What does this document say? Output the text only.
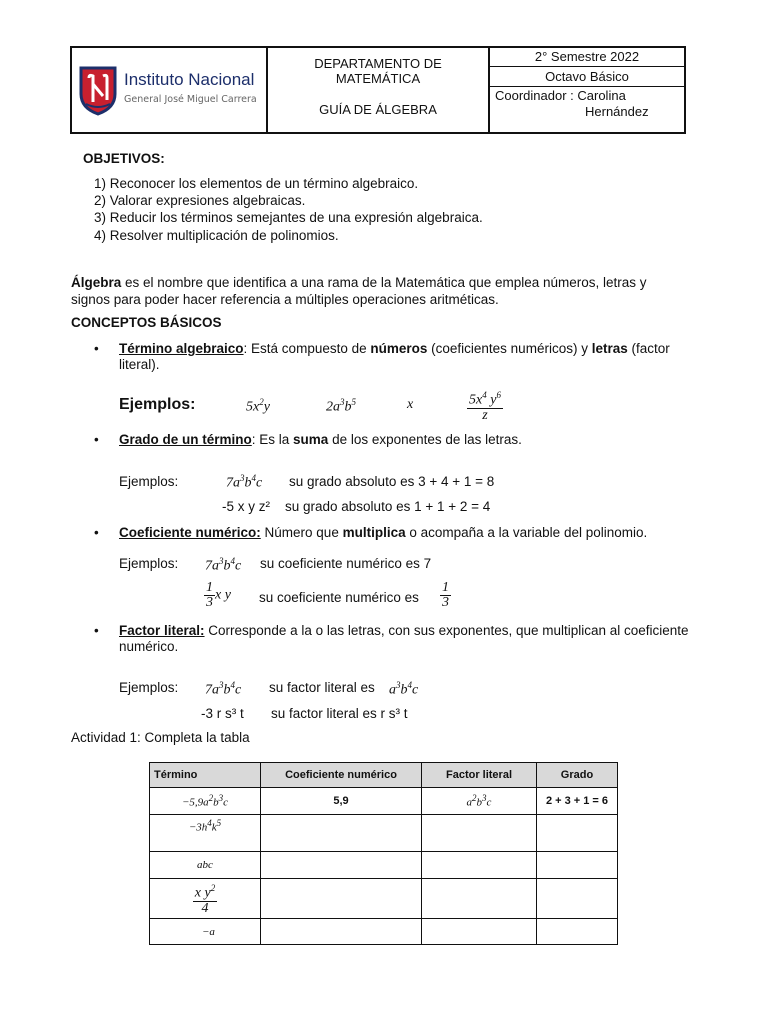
Instituto Nacional
General José Miguel Carrera
DEPARTAMENTO DE
MATEMÁTICA
GUÍA DE ÁLGEBRA
2° Semestre 2022
Octavo Básico
Coordinador : Carolina
Hernández
OBJETIVOS:
1) Reconocer los elementos de un término algebraico.
2) Valorar expresiones algebraicas.
3) Reducir los términos semejantes de una expresión algebraica.
4) Resolver multiplicación de polinomios.
Álgebra es el nombre que identifica a una rama de la Matemática que emplea números, letras y signos para poder hacer referencia a múltiples operaciones aritméticas.
CONCEPTOS BÁSICOS
• Término algebraico: Está compuesto de números (coeficientes numéricos) y letras (factor literal).
Ejemplos:	$5x^2y$	$2a^3b^5$	x	$\frac{5x^4 y^6}{z}$
• Grado de un término: Es la suma de los exponentes de las letras.
Ejemplos:	$7a^3b^4c$ su grado absoluto es 3 + 4 + 1 = 8
-5 x y z² su grado absoluto es 1 + 1 + 2 = 4
• Coeficiente numérico: Número que multiplica o acompaña a la variable del polinomio.
Ejemplos: $7a^3b^4c$ su coeficiente numérico es 7
$\frac{1}{3}$ x y su coeficiente numérico es $\frac{1}{3}$
• Factor literal: Corresponde a la o las letras, con sus exponentes, que multiplican al coeficiente numérico.
Ejemplos: $7a^3b^4c$ su factor literal es $a^3b^4c$
-3 r s³ t su factor literal es r s³ t
Actividad 1: Completa la tabla
Término	Coeficiente numérico	Factor literal	Grado
$-5,9a^2b^3c$	5,9	$a^2b^3c$	2 + 3 + 1 = 6
$-3h^4k^5$			
abc			

$\frac{x y^2}{4}$

−a			
